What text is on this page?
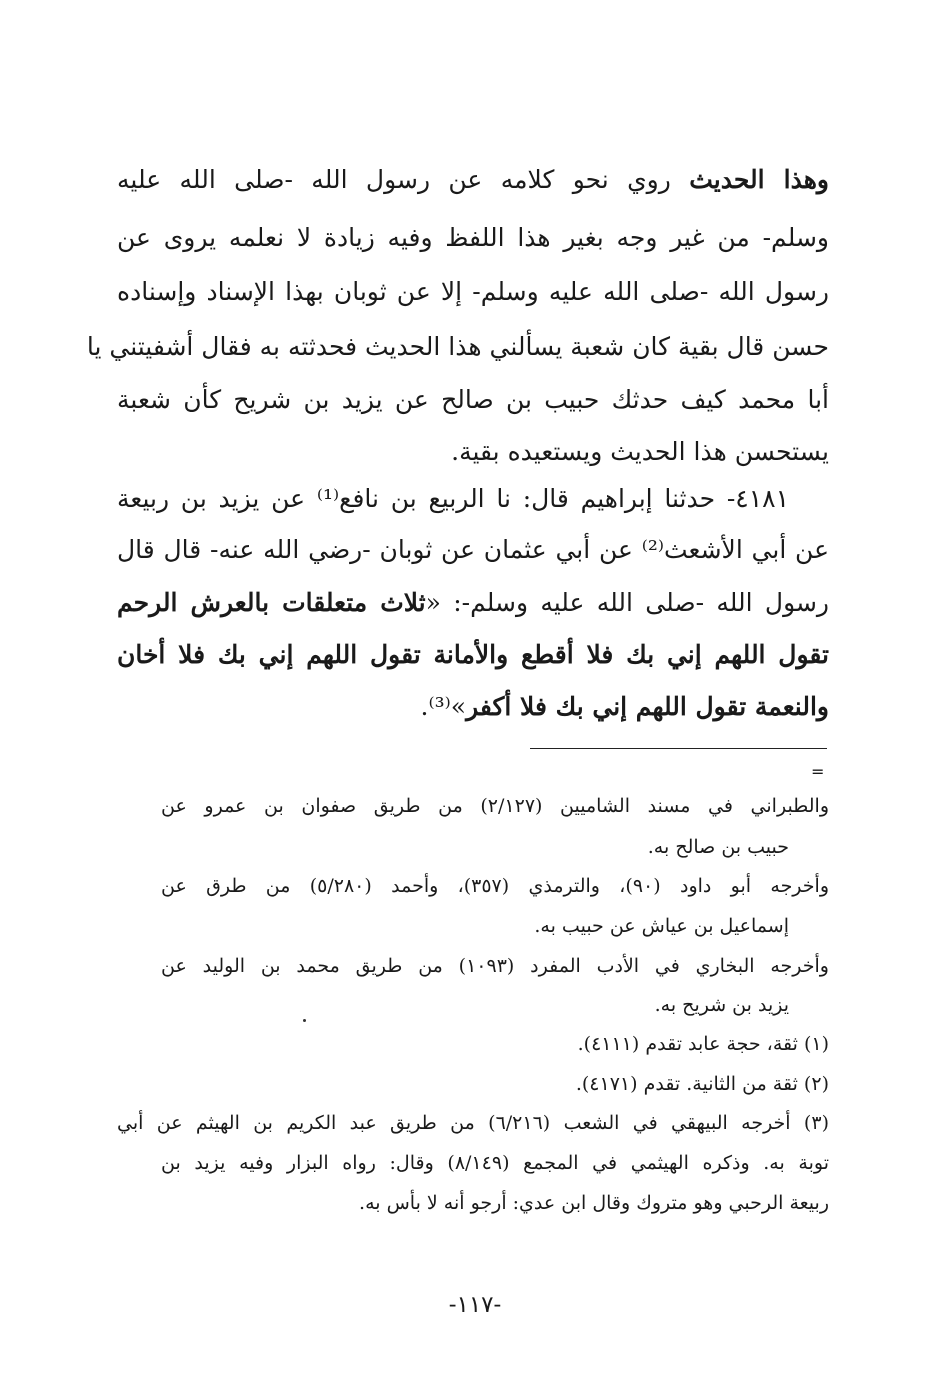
وهذا الحديث روي نحو كلامه عن رسول الله -صلى الله عليه
وسلم- من غير وجه بغير هذا اللفظ وفيه زيادة لا نعلمه يروى عن
رسول الله -صلى الله عليه وسلم- إلا عن ثوبان بهذا الإسناد وإسناده
حسن قال بقية كان شعبة يسألني هذا الحديث فحدثته به فقال أشفيتني يا
أبا محمد كيف حدثك حبيب بن صالح عن يزيد بن شريح كأن شعبة
يستحسن هذا الحديث ويستعيده بقية.
٤١٨١- حدثنا إبراهيم قال: نا الربيع بن نافع⁽¹⁾ عن يزيد بن ربيعة
عن أبي الأشعث⁽²⁾ عن أبي عثمان عن ثوبان -رضي الله عنه- قال قال
رسول الله -صلى الله عليه وسلم-: «ثلاث متعلقات بالعرش الرحم
تقول اللهم إني بك فلا أقطع والأمانة تقول اللهم إني بك فلا أخان
والنعمة تقول اللهم إني بك فلا أكفر»⁽³⁾.
=
والطبراني في مسند الشاميين (٢/١٢٧) من طريق صفوان بن عمرو عن
حبيب بن صالح به.
وأخرجه أبو داود (٩٠)، والترمذي (٣٥٧)، وأحمد (٥/٢٨٠) من طرق عن
إسماعيل بن عياش عن حبيب به.
وأخرجه البخاري في الأدب المفرد (١٠٩٣) من طريق محمد بن الوليد عن
يزيد بن شريح به.
(١) ثقة، حجة عابد تقدم (٤١١١).
(٢) ثقة من الثانية. تقدم (٤١٧١).
(٣) أخرجه البيهقي في الشعب (٦/٢١٦) من طريق عبد الكريم بن الهيثم عن أبي
توبة به. وذكره الهيثمي في المجمع (٨/١٤٩) وقال: رواه البزار وفيه يزيد بن
ربيعة الرحبي وهو متروك وقال ابن عدي: أرجو أنه لا بأس به.
-١١٧-
